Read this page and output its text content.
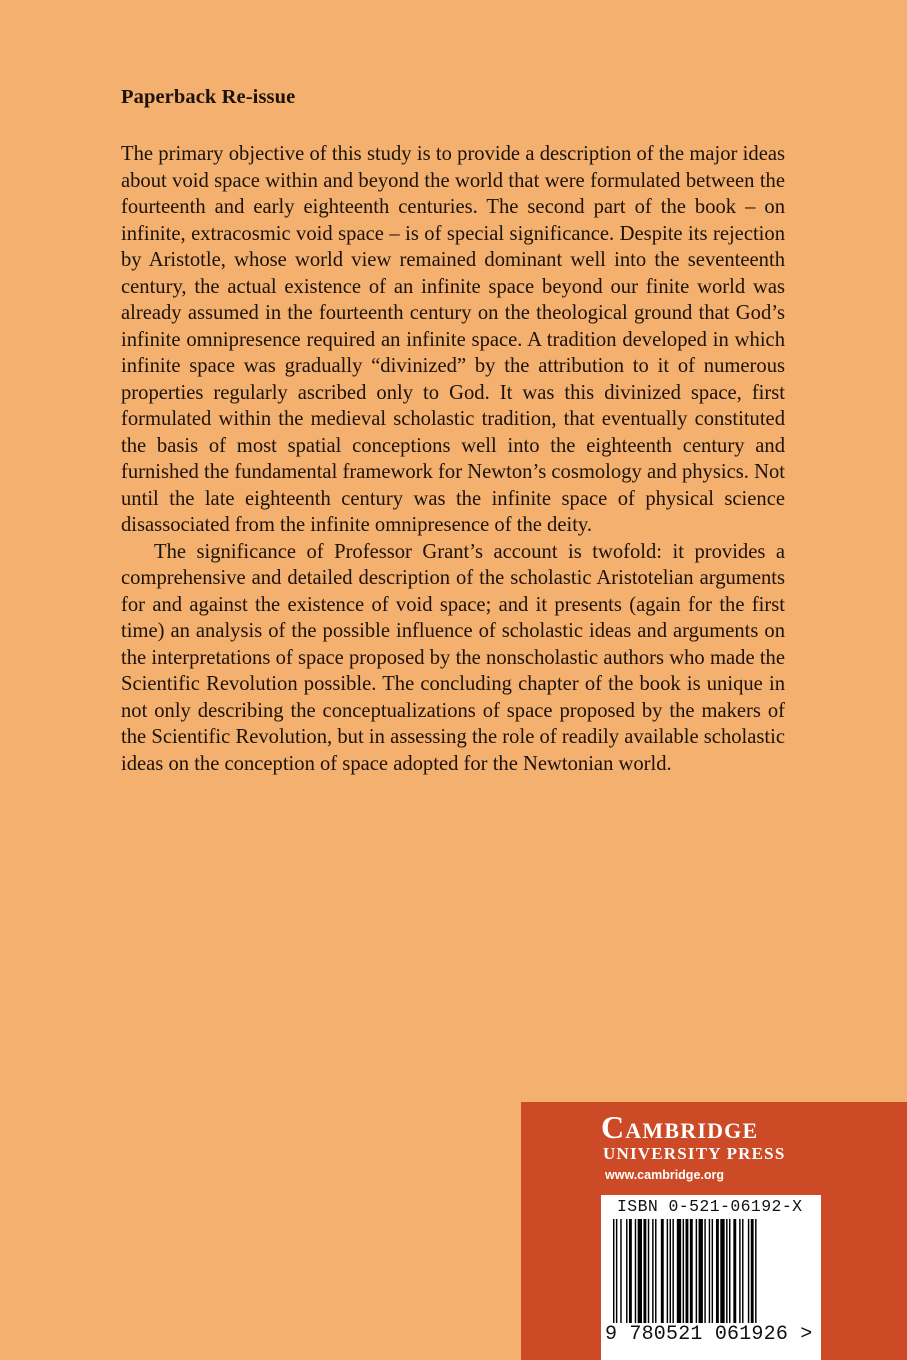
Paperback Re-issue

The primary objective of this study is to provide a description of the major ideas about void space within and beyond the world that were formulated between the fourteenth and early eighteenth centuries. The second part of the book – on infinite, extracosmic void space – is of special significance. Despite its rejection by Aristotle, whose world view remained dominant well into the seventeenth century, the actual existence of an infinite space beyond our finite world was already assumed in the fourteenth century on the theological ground that God’s infinite omnipresence required an infinite space. A tradition developed in which infinite space was gradually “divinized” by the attribution to it of numerous properties regularly ascribed only to God. It was this divinized space, first formulated within the medieval scholastic tradition, that eventually constituted the basis of most spatial conceptions well into the eighteenth century and furnished the fundamental framework for Newton’s cosmology and physics. Not until the late eighteenth century was the infinite space of physical science disassociated from the infinite omnipresence of the deity.

The significance of Professor Grant’s account is twofold: it provides a comprehensive and detailed description of the scholastic Aristotelian arguments for and against the existence of void space; and it presents (again for the first time) an analysis of the possible influence of scholastic ideas and arguments on the interpretations of space proposed by the nonscholastic authors who made the Scientific Revolution possible. The concluding chapter of the book is unique in not only describing the conceptualizations of space proposed by the makers of the Scientific Revolution, but in assessing the role of readily available scholastic ideas on the conception of space adopted for the Newtonian world.

Cambridge
UNIVERSITY PRESS
www.cambridge.org
ISBN 0-521-06192-X
9 780521 061926 >
